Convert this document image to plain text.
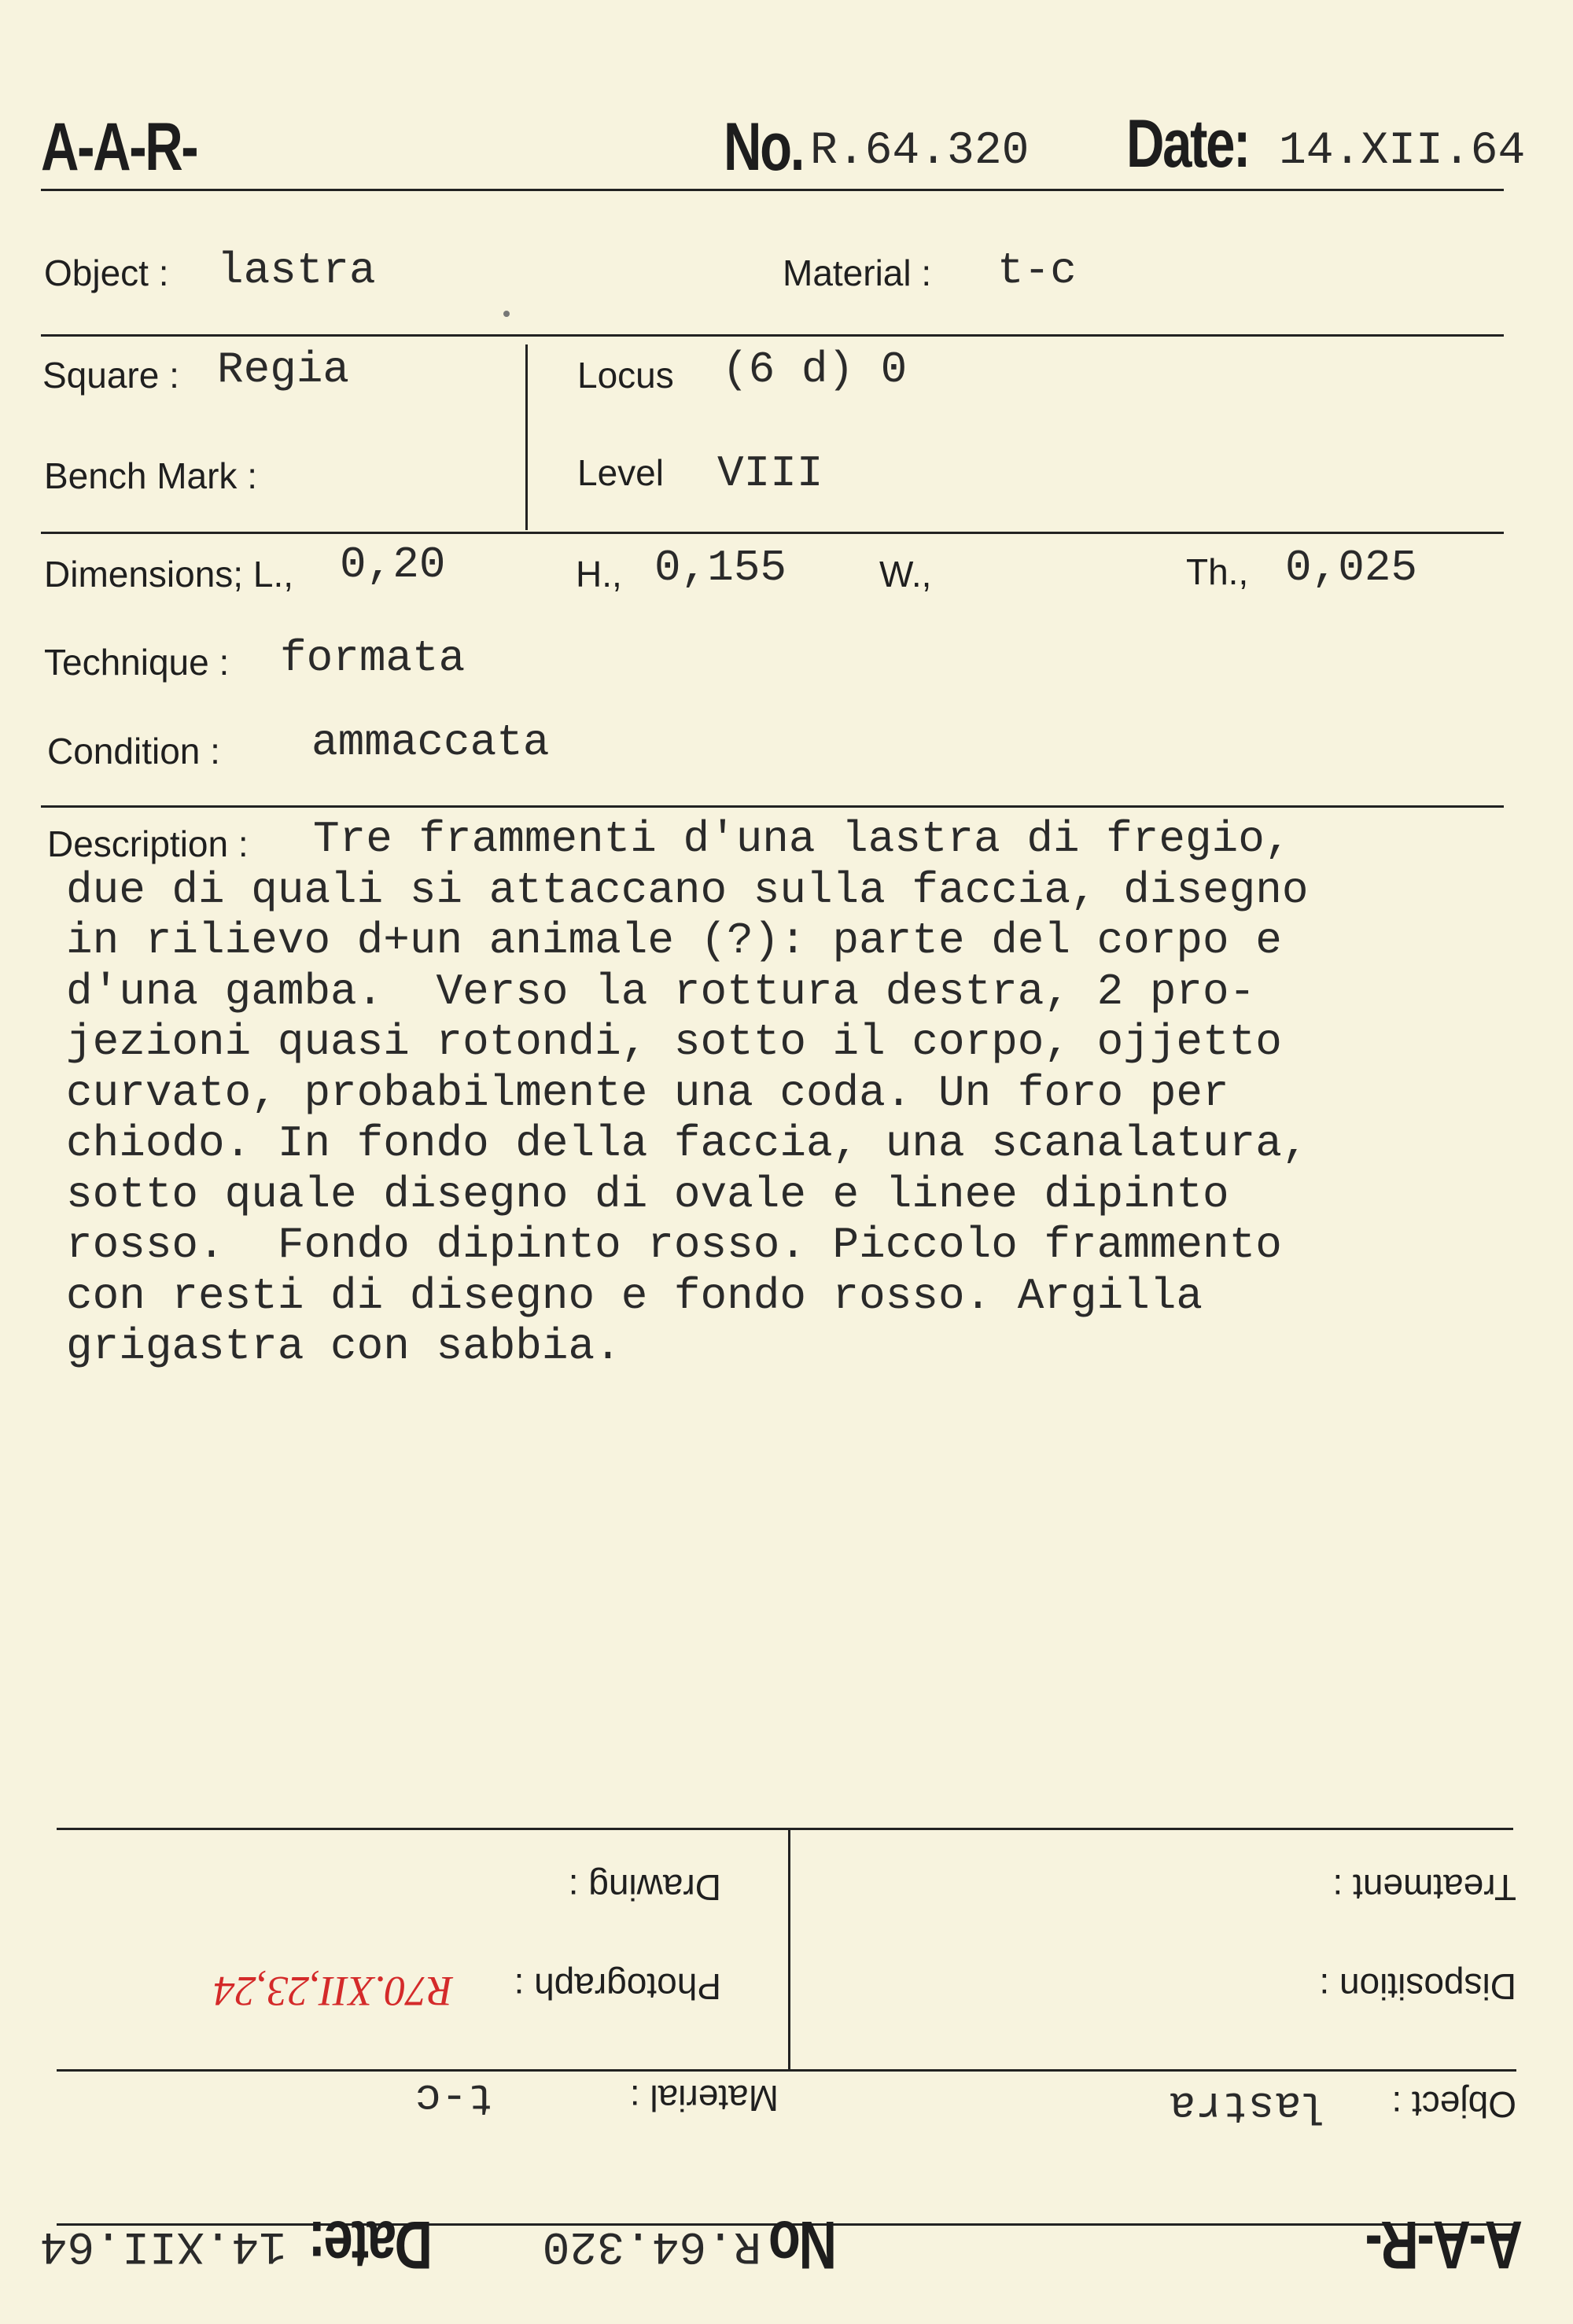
A-A-R-	No. R.64.320 Date: 14.XII.64
Object : lastra	Material : t-c
Square : Regia	Locus (6 d) 0
Bench Mark :	Level VIII
Dimensions; L., 0,20	H., 0,155	W.,	Th., 0,025
Technique : formata
Condition : ammaccata
Description :	Tre frammenti d'una lastra di fregio,
due di quali si attaccano sulla faccia, disegno
in rilievo d+un animale (?): parte del corpo e
d'una gamba.  Verso la rottura destra, 2 pro-
jezioni quasi rotondi, sotto il corpo, ojjetto
curvato, probabilmente una coda. Un foro per
chiodo. In fondo della faccia, una scanalatura,
sotto quale disegno di ovale e linee dipinto
rosso.  Fondo dipinto rosso. Piccolo frammento
con resti di disegno e fondo rosso. Argilla
grigastra con sabbia.
Treatment :
Drawing :
Disposition :
Photograph :
R70.XII,23,24
Object :
lastra
Material :
t-c
A-A-R-
No
R.64.320
Date:
14.XII.64
